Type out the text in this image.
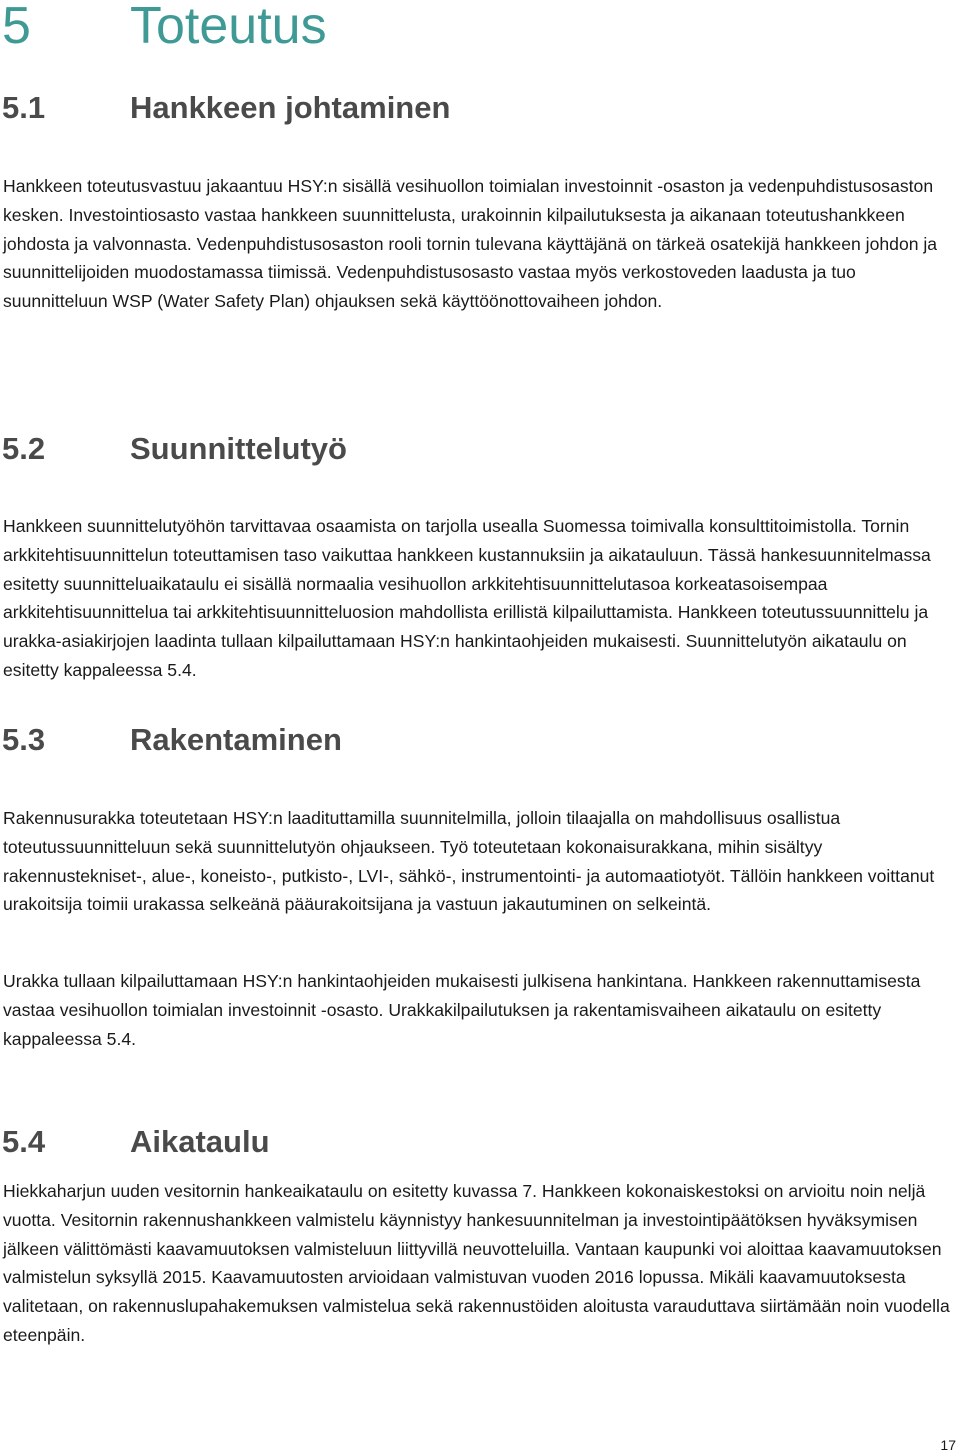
5 Toteutus
5.1	Hankkeen johtaminen

Hankkeen toteutusvastuu jakaantuu HSY:n sisällä vesihuollon toimialan investoinnit -osaston ja vedenpuhdistusosaston kesken. Investointiosasto vastaa hankkeen suunnittelusta, urakoinnin kilpailutuksesta ja aikanaan toteutushankkeen johdosta ja valvonnasta. Vedenpuhdistusosaston rooli tornin tulevana käyttäjänä on tärkeä osatekijä hankkeen johdon ja suunnittelijoiden muodostamassa tiimissä. Vedenpuhdistusosasto vastaa myös verkostoveden laadusta ja tuo suunnitteluun WSP (Water Safety Plan) ohjauksen sekä käyttöönottovaiheen johdon.

5.2	Suunnittelutyö

Hankkeen suunnittelutyöhön tarvittavaa osaamista on tarjolla usealla Suomessa toimivalla konsulttitoimistolla. Tornin arkkitehtisuunnittelun toteuttamisen taso vaikuttaa hankkeen kustannuksiin ja aikatauluun. Tässä hankesuunnitelmassa esitetty suunnitteluaikataulu ei sisällä normaalia vesihuollon arkkitehtisuunnittelutasoa korkeatasoisempaa arkkitehtisuunnittelua tai arkkitehtisuunnitteluosion mahdollista erillistä kilpailuttamista. Hankkeen toteutussuunnittelu ja urakka-asiakirjojen laadinta tullaan kilpailuttamaan HSY:n hankintaohjeiden mukaisesti. Suunnittelutyön aikataulu on esitetty kappaleessa 5.4.

5.3	Rakentaminen

Rakennusurakka toteutetaan HSY:n laadituttamilla suunnitelmilla, jolloin tilaajalla on mahdollisuus osallistua toteutussuunnitteluun sekä suunnittelutyön ohjaukseen. Työ toteutetaan kokonaisurakkana, mihin sisältyy rakennustekniset-, alue-, koneisto-, putkisto-, LVI-, sähkö-, instrumentointi- ja automaatiotyöt. Tällöin hankkeen voittanut urakoitsija toimii urakassa selkeänä pääurakoitsijana ja vastuun jakautuminen on selkeintä.

Urakka tullaan kilpailuttamaan HSY:n hankintaohjeiden mukaisesti julkisena hankintana. Hankkeen rakennuttamisesta vastaa vesihuollon toimialan investoinnit -osasto. Urakkakilpailutuksen ja rakentamisvaiheen aikataulu on esitetty kappaleessa 5.4.

5.4	Aikataulu

Hiekkaharjun uuden vesitornin hankeaikataulu on esitetty kuvassa 7. Hankkeen kokonaiskestoksi on arvioitu noin neljä vuotta. Vesitornin rakennushankkeen valmistelu käynnistyy hankesuunnitelman ja investointipäätöksen hyväksymisen jälkeen välittömästi kaavamuutoksen valmisteluun liittyvillä neuvotteluilla. Vantaan kaupunki voi aloittaa kaavamuutoksen valmistelun syksyllä 2015. Kaavamuutosten arvioidaan valmistuvan vuoden 2016 lopussa. Mikäli kaavamuutoksesta valitetaan, on rakennuslupahakemuksen valmistelua sekä rakennustöiden aloitusta varauduttava siirtämään noin vuodella eteenpäin.

17
